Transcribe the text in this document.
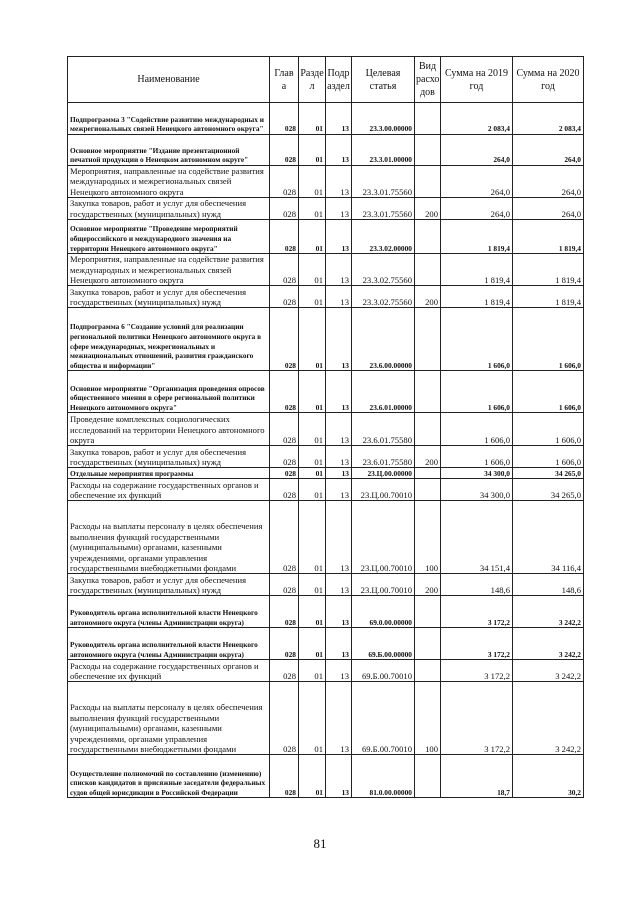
Наименование	Глав а	Разде л	Подр аздел	Целевая статья	Вид расхо дов	Сумма на 2019 год	Сумма на 2020 год
Подпрограмма 3 "Содействие развитию международных и межрегиональных связей Ненецкого автономного округа"	028	01	13	23.3.00.00000		2 083,4	2 083,4
Основное мероприятие "Издание презентационной печатной продукции о Ненецком автономном округе"	028	01	13	23.3.01.00000		264,0	264,0
Мероприятия, направленные на содействие развития международных и межрегиональных связей Ненецкого автономного округа	028	01	13	23.3.01.75560		264,0	264,0
Закупка товаров, работ и услуг для обеспечения государственных (муниципальных) нужд	028	01	13	23.3.01.75560	200	264,0	264,0
Основное мероприятие "Проведение мероприятий общероссийского и международного значения на территории Ненецкого автономного округа"	028	01	13	23.3.02.00000		1 819,4	1 819,4
Мероприятия, направленные на содействие развития международных и межрегиональных связей Ненецкого автономного округа	028	01	13	23.3.02.75560		1 819,4	1 819,4
Закупка товаров, работ и услуг для обеспечения государственных (муниципальных) нужд	028	01	13	23.3.02.75560	200	1 819,4	1 819,4
Подпрограмма 6 "Создание условий для реализации региональной политики Ненецкого автономного округа в сфере международных, межрегиональных и межнациональных отношений, развития гражданского общества и информации"	028	01	13	23.6.00.00000		1 606,0	1 606,0
Основное мероприятие "Организация проведения опросов общественного мнения в сфере региональной политики Ненецкого автономного округа"	028	01	13	23.6.01.00000		1 606,0	1 606,0
Проведение комплексных социологических исследований на территории Ненецкого автономного округа	028	01	13	23.6.01.75580		1 606,0	1 606,0
Закупка товаров, работ и услуг для обеспечения государственных (муниципальных) нужд	028	01	13	23.6.01.75580	200	1 606,0	1 606,0
Отдельные мероприятия программы	028	01	13	23.Ц.00.00000		34 300,0	34 265,0
Расходы на содержание государственных органов и обеспечение их функций	028	01	13	23.Ц.00.70010		34 300,0	34 265,0
Расходы на выплаты персоналу в целях обеспечения выполнения функций государственными (муниципальными) органами, казенными учреждениями, органами управления государственными внебюджетными фондами	028	01	13	23.Ц.00.70010	100	34 151,4	34 116,4
Закупка товаров, работ и услуг для обеспечения государственных (муниципальных) нужд	028	01	13	23.Ц.00.70010	200	148,6	148,6
Руководитель органа исполнительной власти Ненецкого автономного округа (члены Администрации округа)	028	01	13	69.0.00.00000		3 172,2	3 242,2
Руководитель органа исполнительной власти Ненецкого автономного округа (члены Администрации округа)	028	01	13	69.Б.00.00000		3 172,2	3 242,2
Расходы на содержание государственных органов и обеспечение их функций	028	01	13	69.Б.00.70010		3 172,2	3 242,2
Расходы на выплаты персоналу в целях обеспечения выполнения функций государственными (муниципальными) органами, казенными учреждениями, органами управления государственными внебюджетными фондами	028	01	13	69.Б.00.70010	100	3 172,2	3 242,2
Осуществление полномочий по составлению (изменению) списков кандидатов в присяжные заседатели федеральных судов общей юрисдикции в Российской Федерации	028	01	13	81.0.00.00000		18,7	30,2
81
